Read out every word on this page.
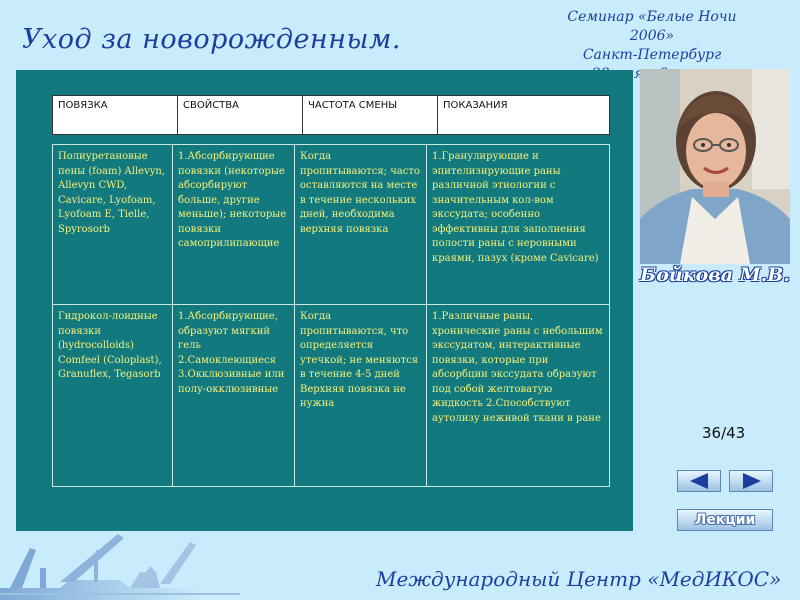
Уход за новорожденным.
Семинар «Белые Ночи 2006»
Санкт-Петербург
ПОВЯЗКА	СВОЙСТВА	ЧАСТОТА СМЕНЫ	ПОКАЗАНИЯ
Полиуретановые пены (foam) Allevyn, Allevyn CWD, Cavicare, Lyofoam, Lyofoam E, Tielle, Spyrosorb	1.Абсорбирующие повязки (некоторые абсорбируют больше, другие меньше); некоторые повязки самоприлипающие	Когда пропитываются; часто оставляются на месте в течение нескольких дней, необходима верхняя повязка	1.Гранулирующие и эпителизирующие раны различной этиологии с значительным кол-вом экссудата; особенно эффективны для заполнения полости раны с неровными краями, пазух (кроме Cavicare)
Гидрокол-лоидные повязки (hydrocolloids) Comfeel (Coloplast), Granuflex, Tegasorb	1.Абсорбирующие, образуют мягкий гель 2.Самоклеющиеся 3.Окклюзивные или полу-окклюзивные	Когда пропитываются, что определяется утечкой; не меняются в течение 4-5 дней Верхняя повязка не нужна	1.Различные раны, хронические раны с небольшим экссудатом, интерактивные повязки, которые при абсорбции экссудата образуют под собой желтоватую жидкость 2.Способствуют аутолизу неживой ткани в ране
Бойкова М.В.
36/43
Лекции
Международный Центр «МедИКОС»
